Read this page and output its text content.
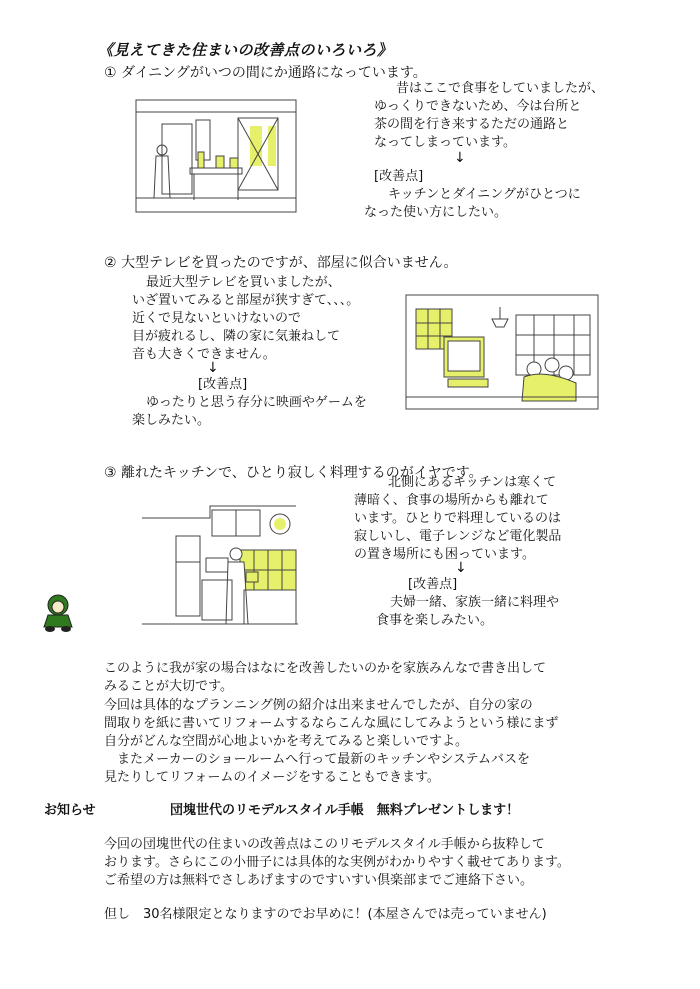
《見えてきた住まいの改善点のいろいろ》
① ダイニングがいつの間にか通路になっています。
昔はここで食事をしていましたが、
ゆっくりできないため、今は台所と
茶の間を行き来するただの通路と
なってしまっています。
↓
[改善点]
キッチンとダイニングがひとつに
なった使い方にしたい。
② 大型テレビを買ったのですが、部屋に似合いません。
最近大型テレビを買いましたが、
いざ置いてみると部屋が狭すぎて、、、。
近くで見ないといけないので
目が疲れるし、隣の家に気兼ねして
音も大きくできません。
↓
[改善点]
ゆったりと思う存分に映画やゲームを
楽しみたい。
③ 離れたキッチンで、ひとり寂しく料理するのがイヤです。
北側にあるキッチンは寒くて
薄暗く、食事の場所からも離れて
います。ひとりで料理しているのは
寂しいし、電子レンジなど電化製品
の置き場所にも困っています。
↓
[改善点]
夫婦一緒、家族一緒に料理や
食事を楽しみたい。
このように我が家の場合はなにを改善したいのかを家族みんなで書き出して
みることが大切です。
今回は具体的なプランニング例の紹介は出来ませんでしたが、自分の家の
間取りを紙に書いてリフォームするならこんな風にしてみようという様にまず
自分がどんな空間が心地よいかを考えてみると楽しいですよ。
　またメーカーのショールームへ行って最新のキッチンやシステムバスを
見たりしてリフォームのイメージをすることもできます。
お知らせ	団塊世代のリモデルスタイル手帳　無料プレゼントします！
今回の団塊世代の住まいの改善点はこのリモデルスタイル手帳から抜粋して
おります。さらにこの小冊子には具体的な実例がわかりやすく載せてあります。
ご希望の方は無料でさしあげますのですいすい倶楽部までご連絡下さい。
但し　30名様限定となりますのでお早めに！(本屋さんでは売っていません)
